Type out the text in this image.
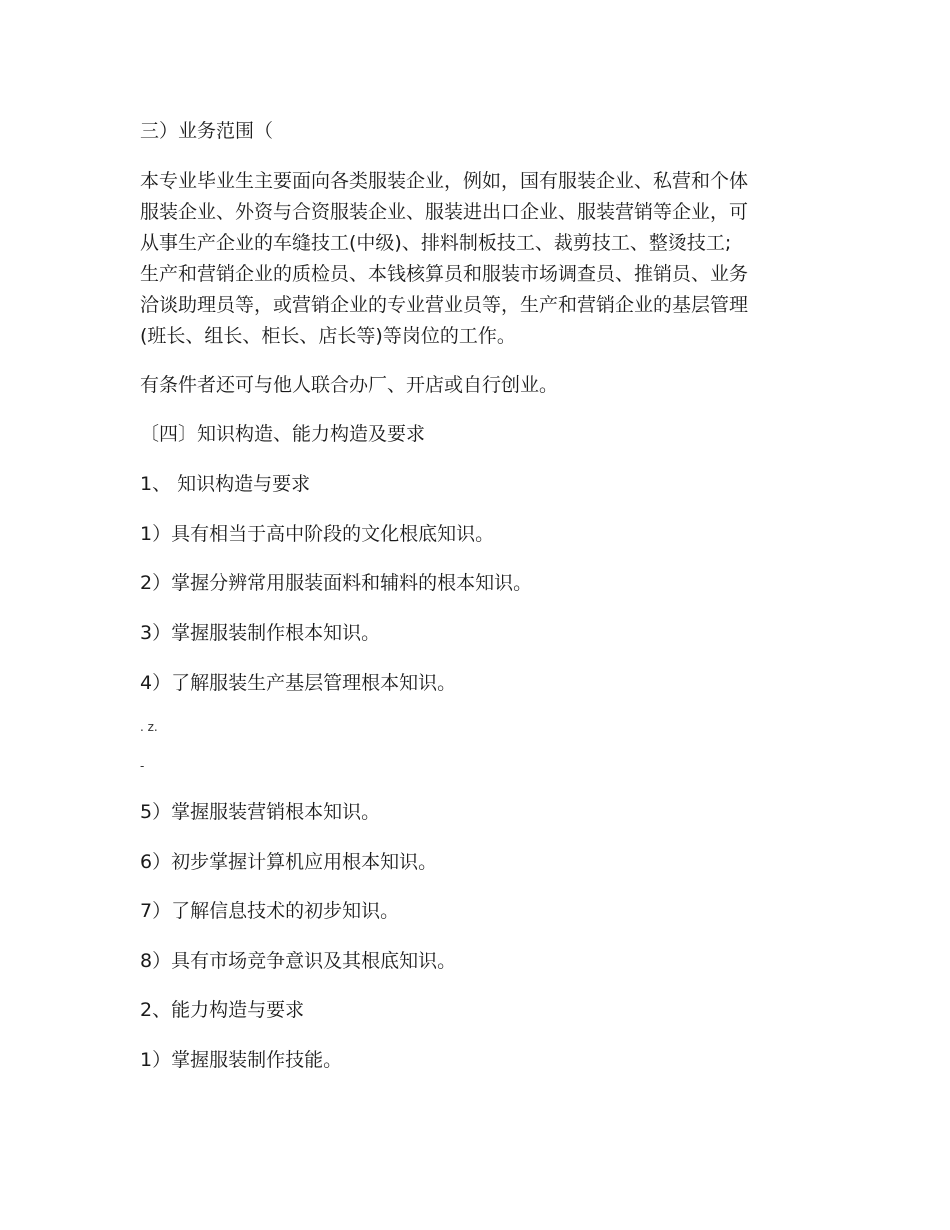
三）业务范围（

本专业毕业生主要面向各类服装企业，例如，国有服装企业、私营和个体
服装企业、外资与合资服装企业、服装进出口企业、服装营销等企业，可
从事生产企业的车缝技工(中级)、排料制板技工、裁剪技工、整烫技工;
生产和营销企业的质检员、本钱核算员和服装市场调查员、推销员、业务
洽谈助理员等，或营销企业的专业营业员等，生产和营销企业的基层管理
(班长、组长、柜长、店长等)等岗位的工作。

有条件者还可与他人联合办厂、开店或自行创业。

〔四〕知识构造、能力构造及要求

1、 知识构造与要求

1）具有相当于高中阶段的文化根底知识。

2）掌握分辨常用服装面料和辅料的根本知识。

3）掌握服装制作根本知识。

4）了解服装生产基层管理根本知识。

. z.

-

5）掌握服装营销根本知识。

6）初步掌握计算机应用根本知识。

7）了解信息技术的初步知识。

8）具有市场竞争意识及其根底知识。

2、能力构造与要求

1）掌握服装制作技能。
